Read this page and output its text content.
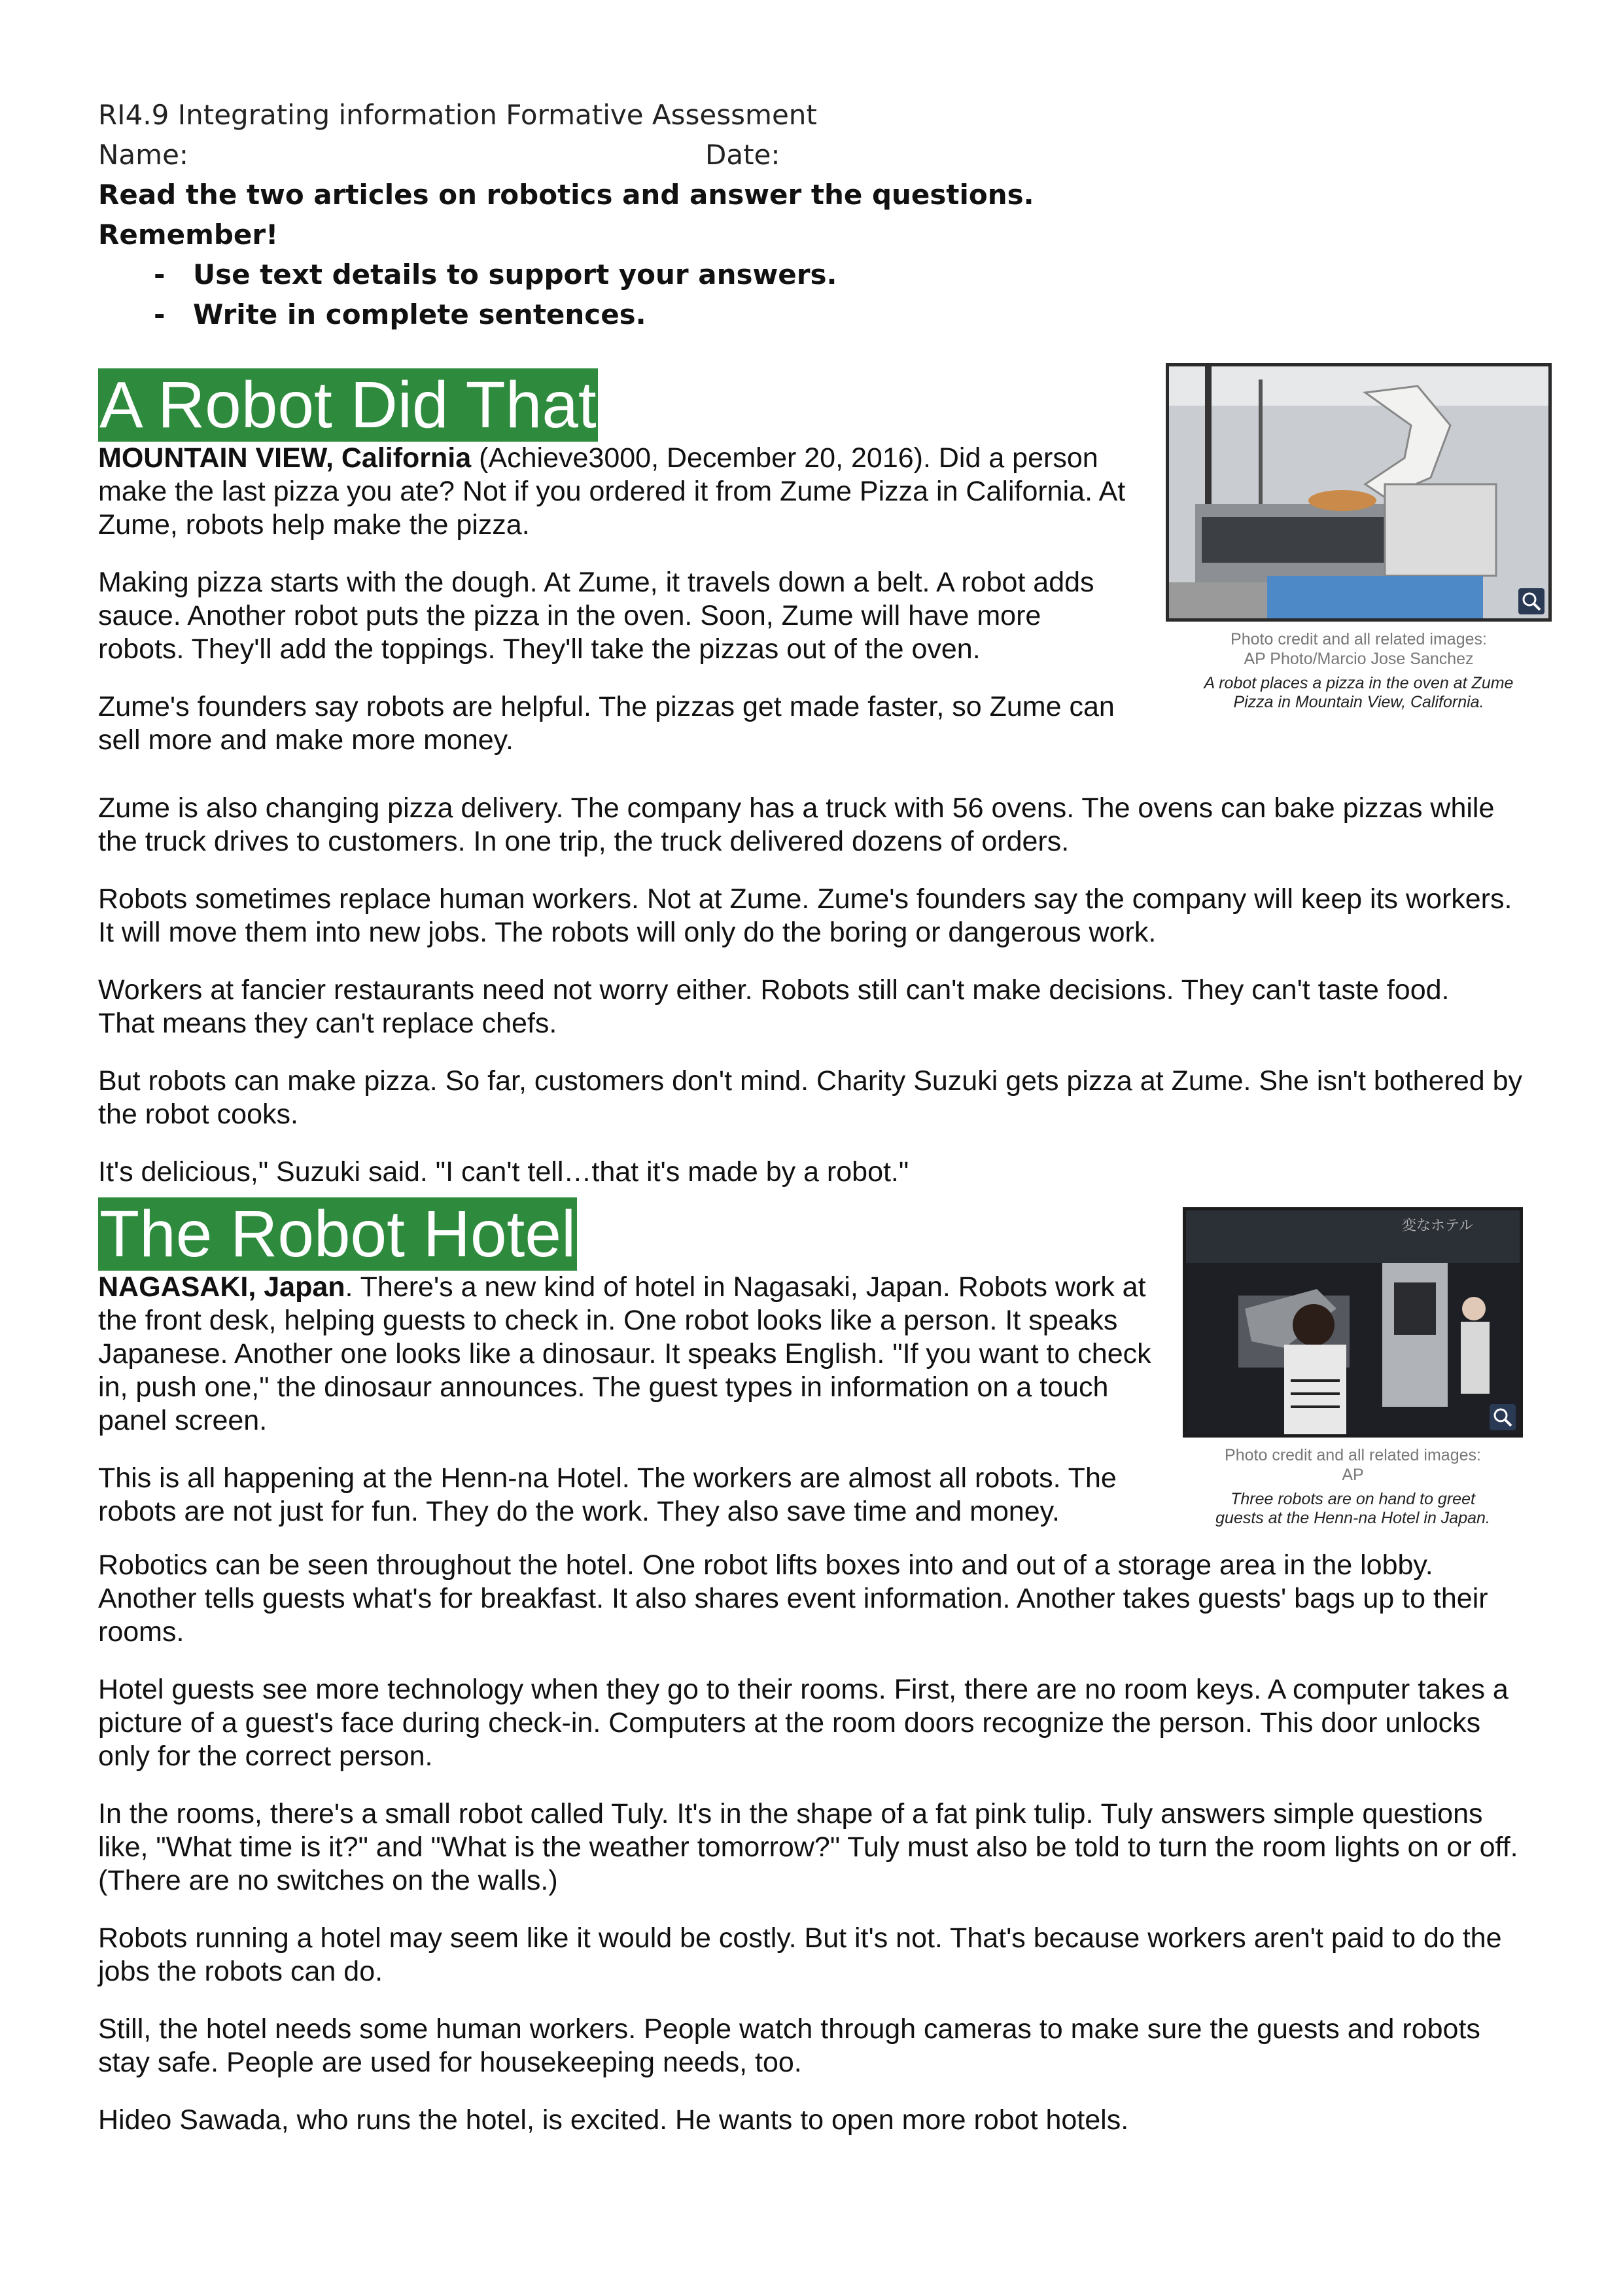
RI4.9 Integrating information Formative Assessment
Name:	Date:
Read the two articles on robotics and answer the questions.
Remember!
- Use text details to support your answers.
- Write in complete sentences.
A Robot Did That

MOUNTAIN VIEW, California (Achieve3000, December 20, 2016). Did a person make the last pizza you ate? Not if you ordered it from Zume Pizza in California. At Zume, robots help make the pizza.

Making pizza starts with the dough. At Zume, it travels down a belt. A robot adds sauce. Another robot puts the pizza in the oven. Soon, Zume will have more robots. They'll add the toppings. They'll take the pizzas out of the oven.

Zume's founders say robots are helpful. The pizzas get made faster, so Zume can sell more and make more money.

Photo credit and all related images:
AP Photo/Marcio Jose Sanchez
A robot places a pizza in the oven at Zume Pizza in Mountain View, California.

Zume is also changing pizza delivery. The company has a truck with 56 ovens. The ovens can bake pizzas while the truck drives to customers. In one trip, the truck delivered dozens of orders.

Robots sometimes replace human workers. Not at Zume. Zume's founders say the company will keep its workers. It will move them into new jobs. The robots will only do the boring or dangerous work.

Workers at fancier restaurants need not worry either. Robots still can't make decisions. They can't taste food. That means they can't replace chefs.

But robots can make pizza. So far, customers don't mind. Charity Suzuki gets pizza at Zume. She isn't bothered by the robot cooks.

It's delicious," Suzuki said. "I can't tell…that it's made by a robot."

The Robot Hotel

NAGASAKI, Japan. There's a new kind of hotel in Nagasaki, Japan. Robots work at the front desk, helping guests to check in. One robot looks like a person. It speaks Japanese. Another one looks like a dinosaur. It speaks English. "If you want to check in, push one," the dinosaur announces. The guest types in information on a touch panel screen.

This is all happening at the Henn-na Hotel. The workers are almost all robots. The robots are not just for fun. They do the work. They also save time and money.

変なホテル
Photo credit and all related images:
AP
Three robots are on hand to greet guests at the Henn-na Hotel in Japan.

Robotics can be seen throughout the hotel. One robot lifts boxes into and out of a storage area in the lobby. Another tells guests what's for breakfast. It also shares event information. Another takes guests' bags up to their rooms.

Hotel guests see more technology when they go to their rooms. First, there are no room keys. A computer takes a picture of a guest's face during check-in. Computers at the room doors recognize the person. This door unlocks only for the correct person.

In the rooms, there's a small robot called Tuly. It's in the shape of a fat pink tulip. Tuly answers simple questions like, "What time is it?" and "What is the weather tomorrow?" Tuly must also be told to turn the room lights on or off. (There are no switches on the walls.)

Robots running a hotel may seem like it would be costly. But it's not. That's because workers aren't paid to do the jobs the robots can do.

Still, the hotel needs some human workers. People watch through cameras to make sure the guests and robots stay safe. People are used for housekeeping needs, too.

Hideo Sawada, who runs the hotel, is excited. He wants to open more robot hotels.
